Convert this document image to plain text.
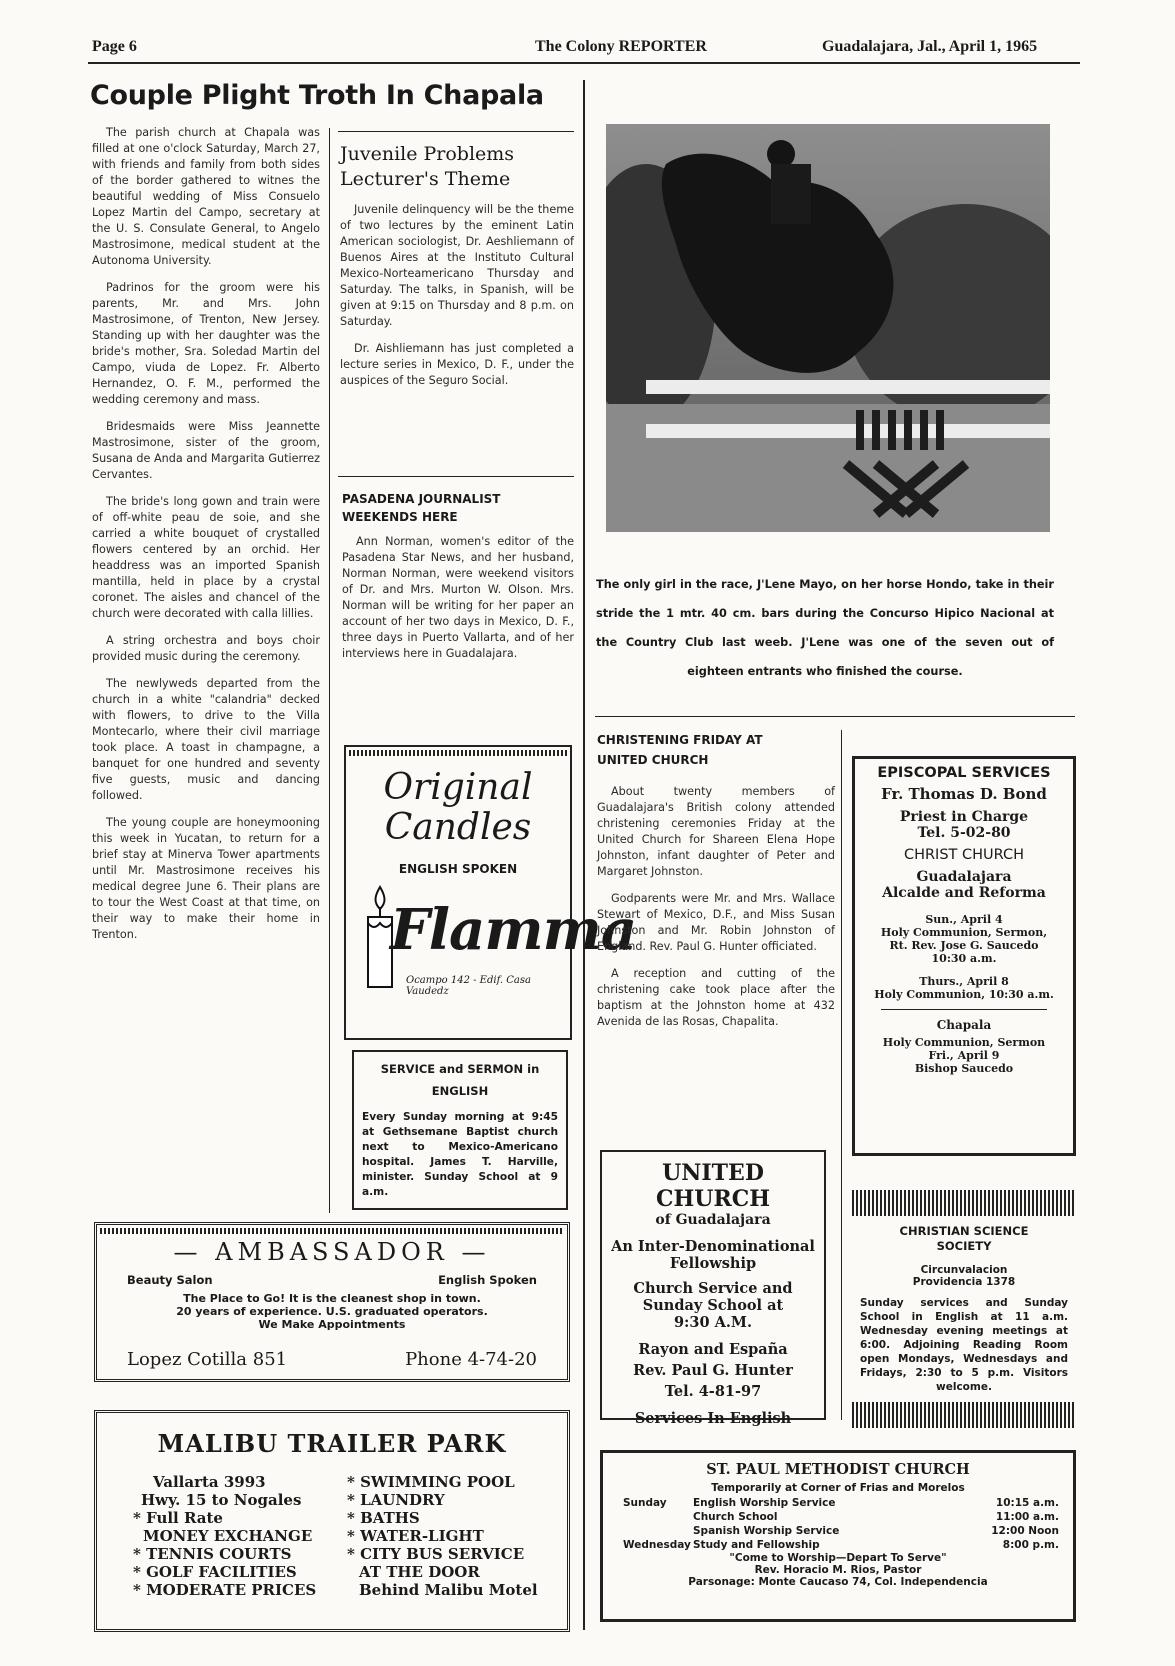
Page 6	The Colony REPORTER	Guadalajara, Jal., April 1, 1965
Couple Plight Troth In Chapala

The parish church at Chapala was filled at one o'clock Saturday, March 27, with friends and family from both sides of the border gathered to witnes the beautiful wedding of Miss Consuelo Lopez Martin del Campo, secretary at the U. S. Consulate General, to Angelo Mastrosimone, medical student at the Autonoma University.

Padrinos for the groom were his parents, Mr. and Mrs. John Mastrosimone, of Trenton, New Jersey. Standing up with her daughter was the bride's mother, Sra. Soledad Martin del Campo, viuda de Lopez. Fr. Alberto Hernandez, O. F. M., performed the wedding ceremony and mass.

Bridesmaids were Miss Jeannette Mastrosimone, sister of the groom, Susana de Anda and Margarita Gutierrez Cervantes.

The bride's long gown and train were of off-white peau de soie, and she carried a white bouquet of crystalled flowers centered by an orchid. Her headdress was an imported Spanish mantilla, held in place by a crystal coronet. The aisles and chancel of the church were decorated with calla lillies.

A string orchestra and boys choir provided music during the ceremony.

The newlyweds departed from the church in a white "calandria" decked with flowers, to drive to the Villa Montecarlo, where their civil marriage took place. A toast in champagne, a banquet for one hundred and seventy five guests, music and dancing followed.

The young couple are honeymooning this week in Yucatan, to return for a brief stay at Minerva Tower apartments until Mr. Mastrosimone receives his medical degree June 6. Their plans are to tour the West Coast at that time, on their way to make their home in Trenton.

Juvenile Problems Lecturer's Theme

Juvenile delinquency will be the theme of two lectures by the eminent Latin American sociologist, Dr. Aeshliemann of Buenos Aires at the Instituto Cultural Mexico-Norteamericano Thursday and Saturday. The talks, in Spanish, will be given at 9:15 on Thursday and 8 p.m. on Saturday.

Dr. Aishliemann has just completed a lecture series in Mexico, D. F., under the auspices of the Seguro Social.

PASADENA JOURNALIST WEEKENDS HERE

Ann Norman, women's editor of the Pasadena Star News, and her husband, Norman Norman, were weekend visitors of Dr. and Mrs. Murton W. Olson. Mrs. Norman will be writing for her paper an account of her two days in Mexico, D. F., three days in Puerto Vallarta, and of her interviews here in Guadalajara.

Original
Candles
ENGLISH SPOKEN
Flamma
Ocampo 142 - Edif. Casa Vaudedz
SERVICE and SERMON in ENGLISH
Every Sunday morning at 9:45 at Gethsemane Baptist church next to Mexico-Americano hospital. James T. Harville, minister. Sunday School at 9 a.m.
The only girl in the race, J'Lene Mayo, on her horse Hondo, take in their stride the 1 mtr. 40 cm. bars during the Concurso Hipico Nacional at the Country Club last weeb. J'Lene was one of the seven out of eighteen entrants who finished the course.
CHRISTENING FRIDAY AT UNITED CHURCH

About twenty members of Guadalajara's British colony attended christening ceremonies Friday at the United Church for Shareen Elena Hope Johnston, infant daughter of Peter and Margaret Johnston.

Godparents were Mr. and Mrs. Wallace Stewart of Mexico, D.F., and Miss Susan Johnston and Mr. Robin Johnston of England. Rev. Paul G. Hunter officiated.

A reception and cutting of the christening cake took place after the baptism at the Johnston home at 432 Avenida de las Rosas, Chapalita.

EPISCOPAL SERVICES
Fr. Thomas D. Bond
Priest in Charge
Tel. 5-02-80
CHRIST CHURCH
Guadalajara
Alcalde and Reforma
Sun., April 4
Holy Communion, Sermon,
Rt. Rev. Jose G. Saucedo
10:30 a.m.
Thurs., April 8
Holy Communion, 10:30 a.m.
Chapala
Holy Communion, Sermon
Fri., April 9
Bishop Saucedo
UNITED CHURCH
of Guadalajara
An Inter-Denominational
Fellowship
Church Service and
Sunday School at
9:30 A.M.
Rayon and España
Rev. Paul G. Hunter
Tel. 4-81-97
Services In English
CHRISTIAN SCIENCE SOCIETY
Circunvalacion
Providencia 1378
Sunday services and Sunday School in English at 11 a.m. Wednesday evening meetings at 6:00. Adjoining Reading Room open Mondays, Wednesdays and Fridays, 2:30 to 5 p.m. Visitors welcome.
— AMBASSADOR —
Beauty Salon	English Spoken
The Place to Go! It is the cleanest shop in town.
20 years of experience. U.S. graduated operators.
We Make Appointments
Lopez Cotilla 851	Phone 4-74-20
MALIBU TRAILER PARK
Vallarta 3993
Hwy. 15 to Nogales
* Full Rate
MONEY EXCHANGE
* TENNIS COURTS
* GOLF FACILITIES
* MODERATE PRICES
* SWIMMING POOL
* LAUNDRY
* BATHS
* WATER-LIGHT
* CITY BUS SERVICE
AT THE DOOR
Behind Malibu Motel
ST. PAUL METHODIST CHURCH
Temporarily at Corner of Frias and Morelos
Sunday	English Worship Service	10:15 a.m.
Church School	11:00 a.m.
Spanish Worship Service	12:00 Noon
Wednesday Study and Fellowship	8:00 p.m.
"Come to Worship—Depart To Serve"
Rev. Horacio M. Rios, Pastor
Parsonage: Monte Caucaso 74, Col. Independencia
